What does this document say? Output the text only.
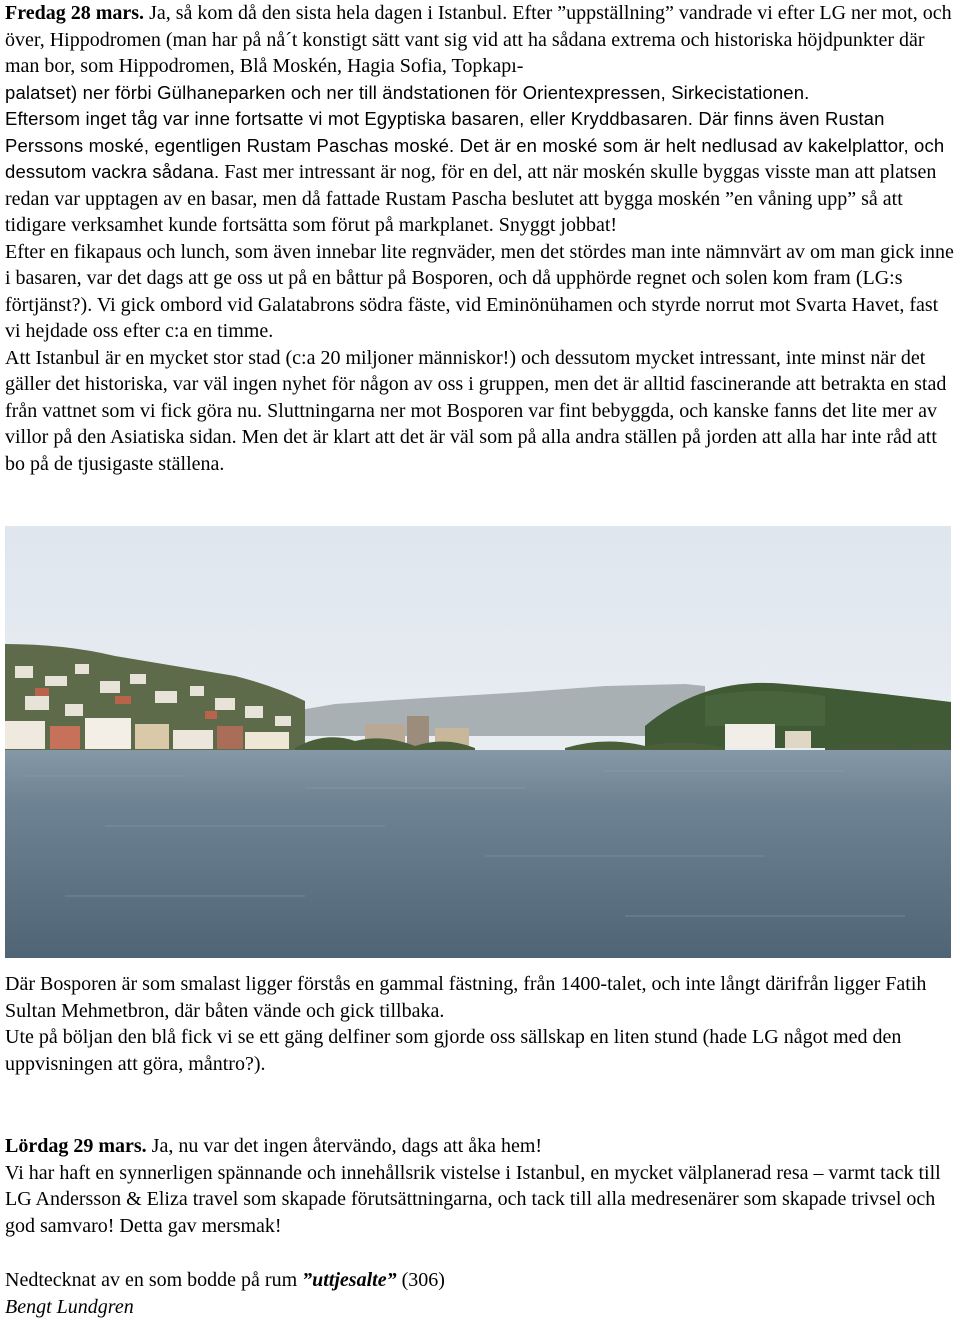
Fredag 28 mars. Ja, så kom då den sista hela dagen i Istanbul. Efter ”uppställning” vandrade vi efter LG ner mot, och över, Hippodromen (man har på nå´t konstigt sätt vant sig vid att ha sådana extrema och historiska höjdpunkter där man bor, som Hippodromen, Blå Moskén, Hagia Sofia, Topkapı-
palatset) ner förbi Gülhaneparken och ner till ändstationen för Orientexpressen, Sirkecistationen.

Eftersom inget tåg var inne fortsatte vi mot Egyptiska basaren, eller Kryddbasaren. Där finns även Rustan Perssons moské, egentligen Rustam Paschas moské. Det är en moské som är helt nedlusad av kakelplattor, och dessutom vackra sådana. Fast mer intressant är nog, för en del, att när moskén skulle byggas visste man att platsen redan var upptagen av en basar, men då fattade Rustam Pascha beslutet att bygga moskén ”en våning upp” så att tidigare verksamhet kunde fortsätta som förut på markplanet. Snyggt jobbat!

Efter en fikapaus och lunch, som även innebar lite regnväder, men det stördes man inte nämnvärt av om man gick inne i basaren, var det dags att ge oss ut på en båttur på Bosporen, och då upphörde regnet och solen kom fram (LG:s förtjänst?). Vi gick ombord vid Galatabrons södra fäste, vid Eminönühamen och styrde norrut mot Svarta Havet, fast vi hejdade oss efter c:a en timme.

Att Istanbul är en mycket stor stad (c:a 20 miljoner människor!) och dessutom mycket intressant, inte minst när det gäller det historiska, var väl ingen nyhet för någon av oss i gruppen, men det är alltid fascinerande att betrakta en stad från vattnet som vi fick göra nu. Sluttningarna ner mot Bosporen var fint bebyggda, och kanske fanns det lite mer av villor på den Asiatiska sidan. Men det är klart att det är väl som på alla andra ställen på jorden att alla har inte råd att bo på de tjusigaste ställena.

Där Bosporen är som smalast ligger förstås en gammal fästning, från 1400-talet, och inte långt därifrån ligger Fatih Sultan Mehmetbron, där båten vände och gick tillbaka.

Ute på böljan den blå fick vi se ett gäng delfiner som gjorde oss sällskap en liten stund (hade LG något med den uppvisningen att göra, måntro?).

Lördag 29 mars. Ja, nu var det ingen återvändo, dags att åka hem!

Vi har haft en synnerligen spännande och innehållsrik vistelse i Istanbul, en mycket välplanerad resa – varmt tack till LG Andersson & Eliza travel som skapade förutsättningarna, och tack till alla medresenärer som skapade trivsel och god samvaro! Detta gav mersmak!

Nedtecknat av en som bodde på rum ”uttjesalte” (306)

Bengt Lundgren
